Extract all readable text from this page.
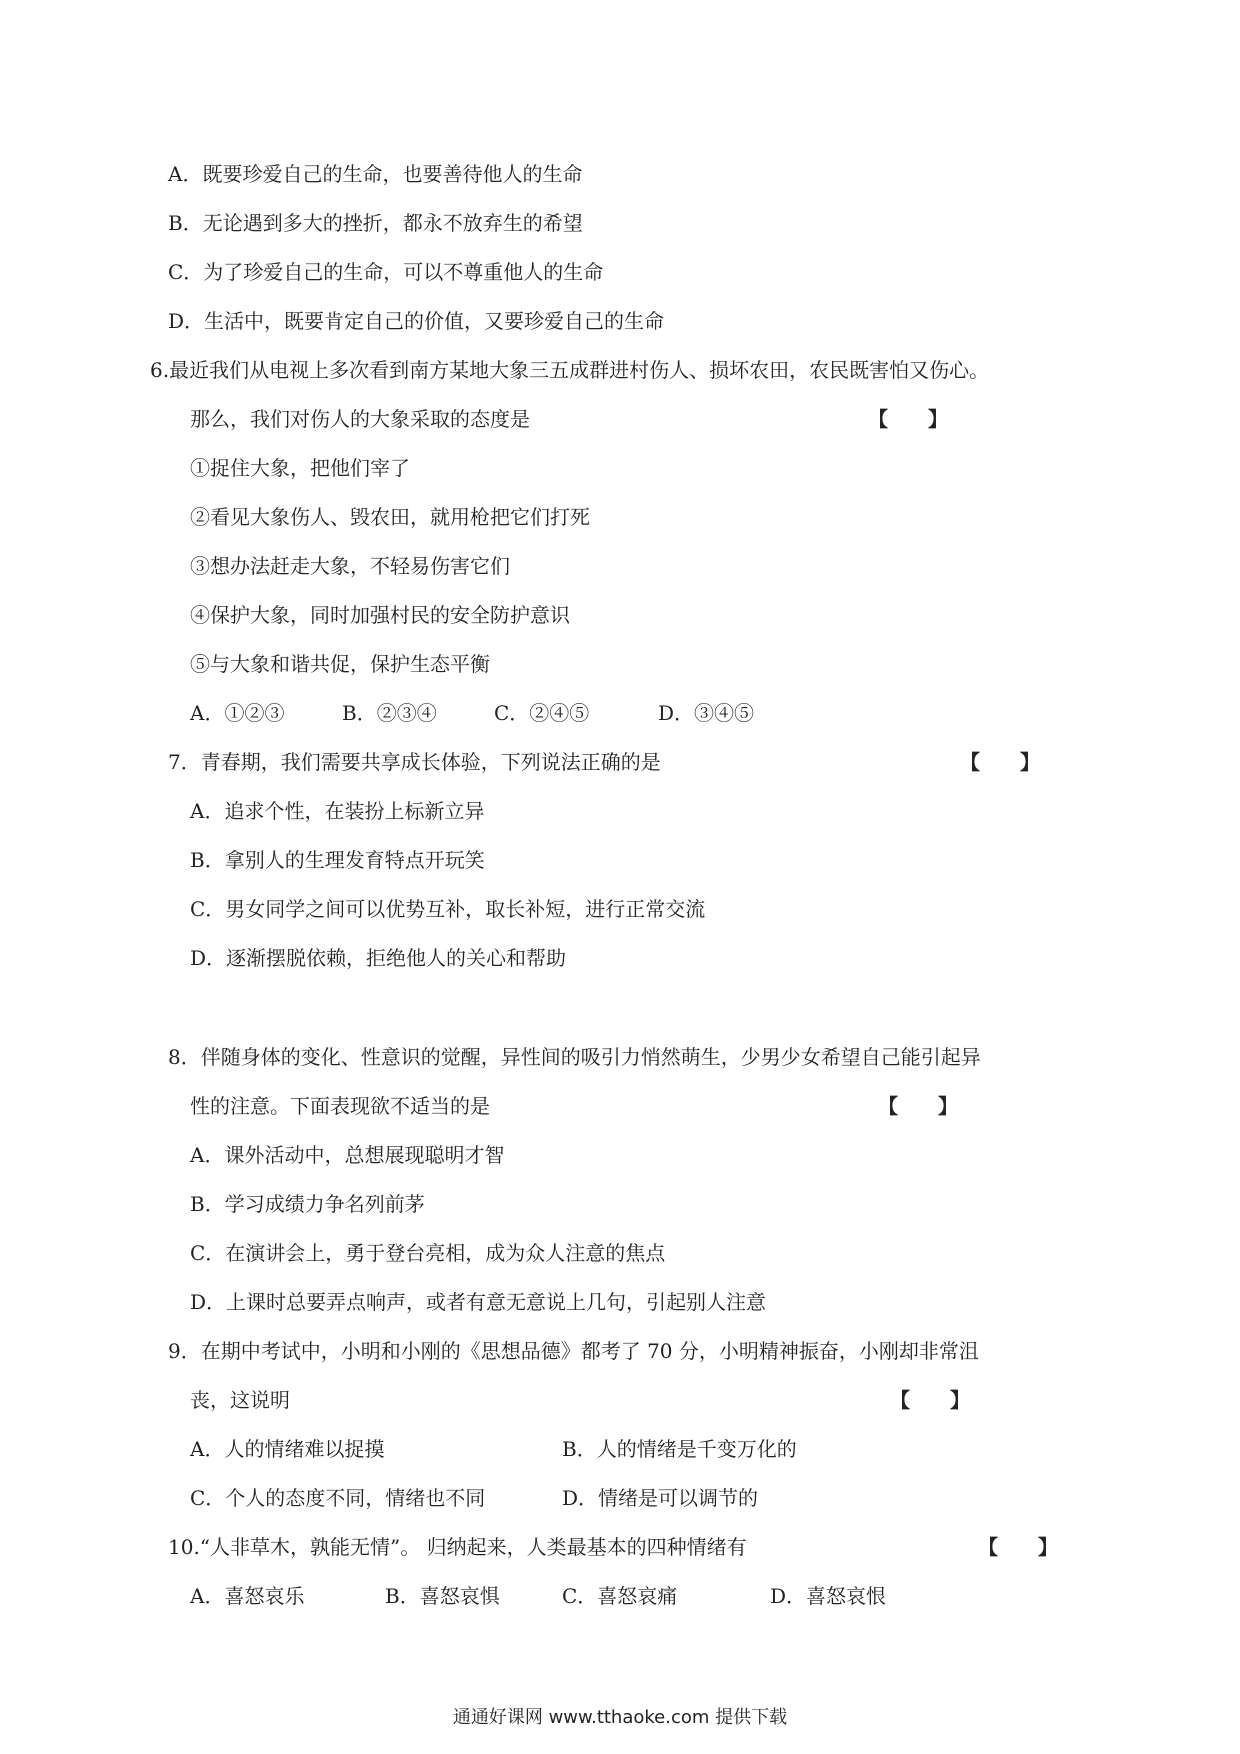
A．既要珍爱自己的生命，也要善待他人的生命
B．无论遇到多大的挫折，都永不放弃生的希望
C．为了珍爱自己的生命，可以不尊重他人的生命
D．生活中，既要肯定自己的价值，又要珍爱自己的生命
6.最近我们从电视上多次看到南方某地大象三五成群进村伤人、损坏农田，农民既害怕又伤心。
那么，我们对伤人的大象采取的态度是	【　　】
①捉住大象，把他们宰了
②看见大象伤人、毁农田，就用枪把它们打死
③想办法赶走大象，不轻易伤害它们
④保护大象，同时加强村民的安全防护意识
⑤与大象和谐共促，保护生态平衡
A．①②③	B．②③④	C．②④⑤	D．③④⑤
7．青春期，我们需要共享成长体验，下列说法正确的是	【　　】
A．追求个性，在装扮上标新立异
B．拿别人的生理发育特点开玩笑
C．男女同学之间可以优势互补，取长补短，进行正常交流
D．逐渐摆脱依赖，拒绝他人的关心和帮助
8．伴随身体的变化、性意识的觉醒，异性间的吸引力悄然萌生，少男少女希望自己能引起异
性的注意。下面表现欲不适当的是	【　　】
A．课外活动中，总想展现聪明才智
B．学习成绩力争名列前茅
C．在演讲会上，勇于登台亮相，成为众人注意的焦点
D．上课时总要弄点响声，或者有意无意说上几句，引起别人注意
9．在期中考试中，小明和小刚的《思想品德》都考了 70 分，小明精神振奋，小刚却非常沮
丧，这说明	【　　】
A．人的情绪难以捉摸	B．人的情绪是千变万化的
C．个人的态度不同，情绪也不同	D．情绪是可以调节的
10.“人非草木，孰能无情”。 归纳起来，人类最基本的四种情绪有	【　　】
A．喜怒哀乐	B．喜怒哀惧	C．喜怒哀痛	D．喜怒哀恨
通通好课网 www.tthaoke.com 提供下载
